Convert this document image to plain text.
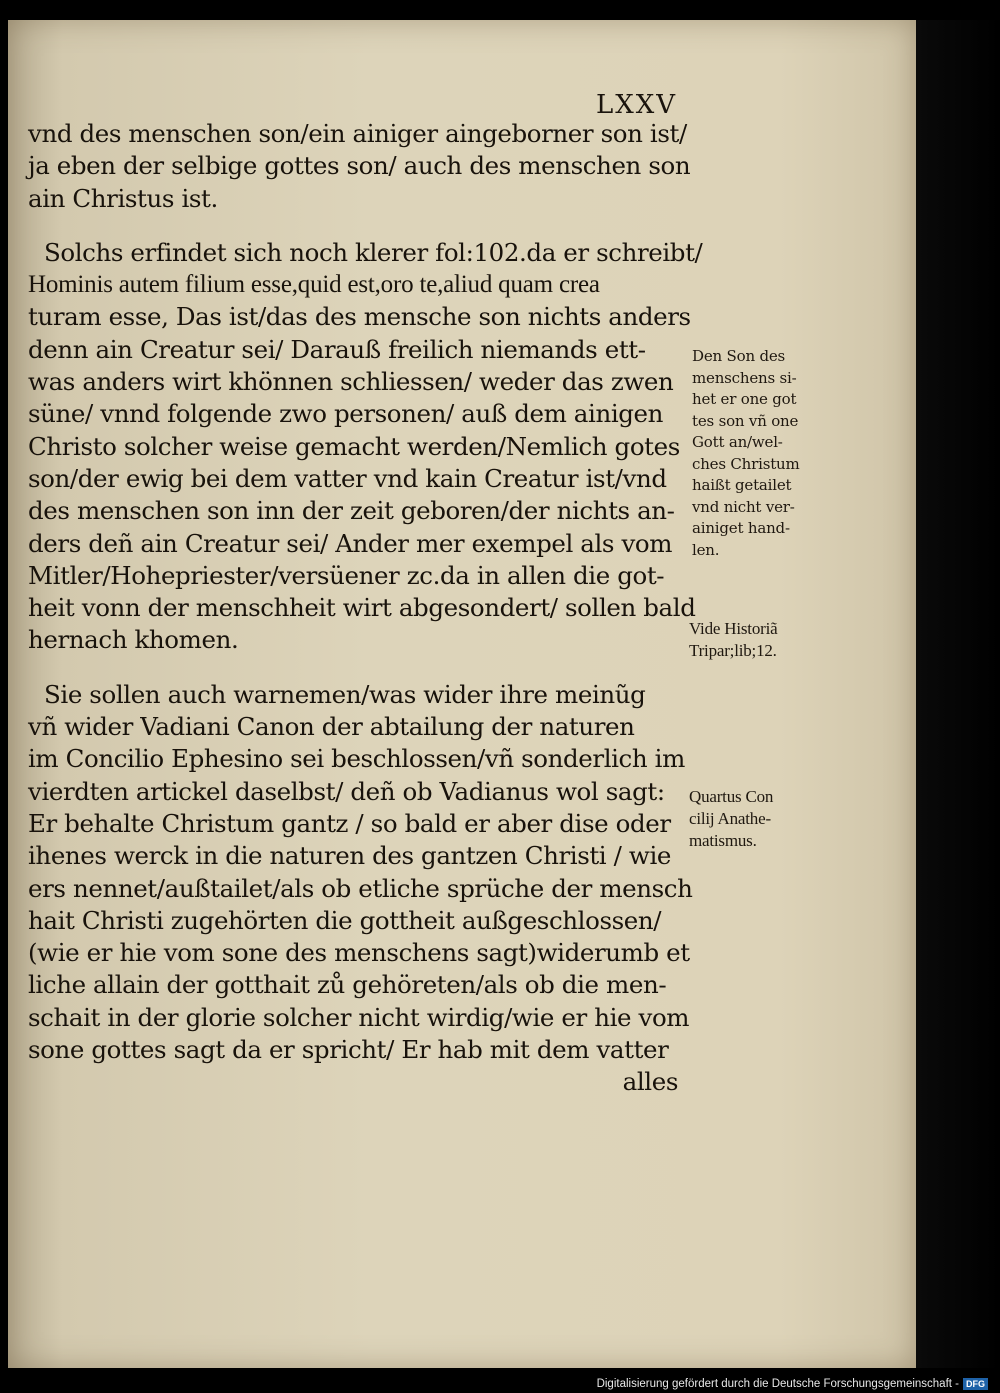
LXXV
vnd des menschen son/ein ainiger aingeborner son ist/
ja eben der selbige gottes son/ auch des menschen son
ain Christus ist.
Solchs erfindet sich noch klerer fol:102.da er schreibt/
Hominis autem filium esse,quid est,oro te,aliud quam crea
turam esse, Das ist/das des mensche son nichts anders
denn ain Creatur sei/ Darauß freilich niemands ett-
was anders wirt khönnen schliessen/ weder das zwen
süne/ vnnd folgende zwo personen/ auß dem ainigen
Christo solcher weise gemacht werden/Nemlich gotes
son/der ewig bei dem vatter vnd kain Creatur ist/vnd
des menschen son inn der zeit geboren/der nichts an-
ders deñ ain Creatur sei/ Ander mer exempel als vom
Mitler/Hohepriester/versüener zc.da in allen die got-
heit vonn der menschheit wirt abgesondert/ sollen bald
hernach khomen.
Sie sollen auch warnemen/was wider ihre meinũg
vñ wider Vadiani Canon der abtailung der naturen
im Concilio Ephesino sei beschlossen/vñ sonderlich im
vierdten artickel daselbst/ deñ ob Vadianus wol sagt:
Er behalte Christum gantz / so bald er aber dise oder
ihenes werck in die naturen des gantzen Christi / wie
ers nennet/außtailet/als ob etliche sprüche der mensch
hait Christi zugehörten die gottheit außgeschlossen/
(wie er hie vom sone des menschens sagt)widerumb et
liche allain der gotthait zů gehöreten/als ob die men-
schait in der glorie solcher nicht wirdig/wie er hie vom
sone gottes sagt da er spricht/ Er hab mit dem vatter
alles
Den Son des
menschens si-
het er one got
tes son vñ one
Gott an/wel-
ches Christum
haißt getailet
vnd nicht ver-
ainiget hand-
len.
Vide Historiã
Tripar;lib;12.
Quartus Con
cilij Anathe-
matismus.
Digitalisierung gefördert durch die Deutsche Forschungsgemeinschaft - DFG
